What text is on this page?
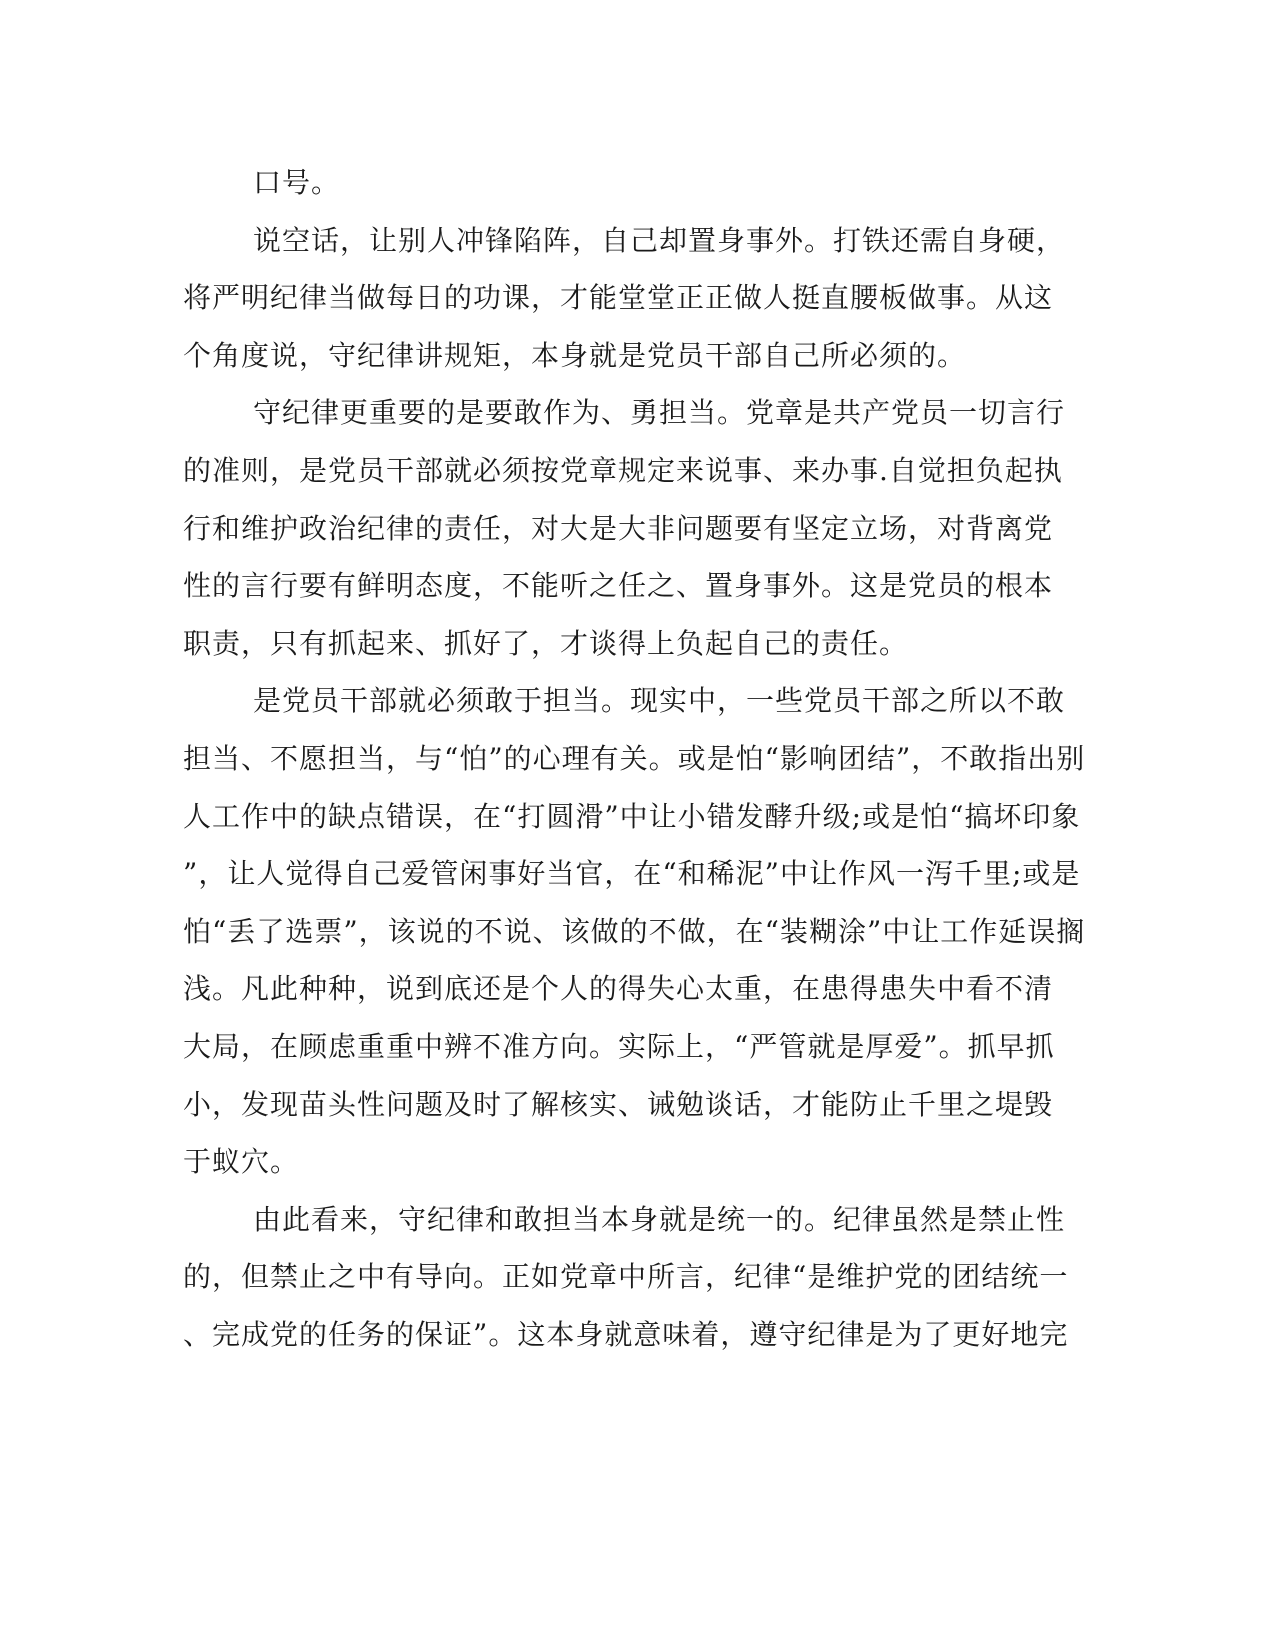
口号。
说空话，让别人冲锋陷阵，自己却置身事外。打铁还需自身硬，
将严明纪律当做每日的功课，才能堂堂正正做人挺直腰板做事。从这
个角度说，守纪律讲规矩，本身就是党员干部自己所必须的。
守纪律更重要的是要敢作为、勇担当。党章是共产党员一切言行
的准则，是党员干部就必须按党章规定来说事、来办事.自觉担负起执
行和维护政治纪律的责任，对大是大非问题要有坚定立场，对背离党
性的言行要有鲜明态度，不能听之任之、置身事外。这是党员的根本
职责，只有抓起来、抓好了，才谈得上负起自己的责任。
是党员干部就必须敢于担当。现实中，一些党员干部之所以不敢
担当、不愿担当，与“怕”的心理有关。或是怕“影响团结”，不敢指出别
人工作中的缺点错误，在“打圆滑”中让小错发酵升级;或是怕“搞坏印象
”，让人觉得自己爱管闲事好当官，在“和稀泥”中让作风一泻千里;或是
怕“丢了选票”，该说的不说、该做的不做，在“装糊涂”中让工作延误搁
浅。凡此种种，说到底还是个人的得失心太重，在患得患失中看不清
大局，在顾虑重重中辨不准方向。实际上，“严管就是厚爱”。抓早抓
小，发现苗头性问题及时了解核实、诫勉谈话，才能防止千里之堤毁
于蚁穴。
由此看来，守纪律和敢担当本身就是统一的。纪律虽然是禁止性
的，但禁止之中有导向。正如党章中所言，纪律“是维护党的团结统一
、完成党的任务的保证”。这本身就意味着，遵守纪律是为了更好地完
